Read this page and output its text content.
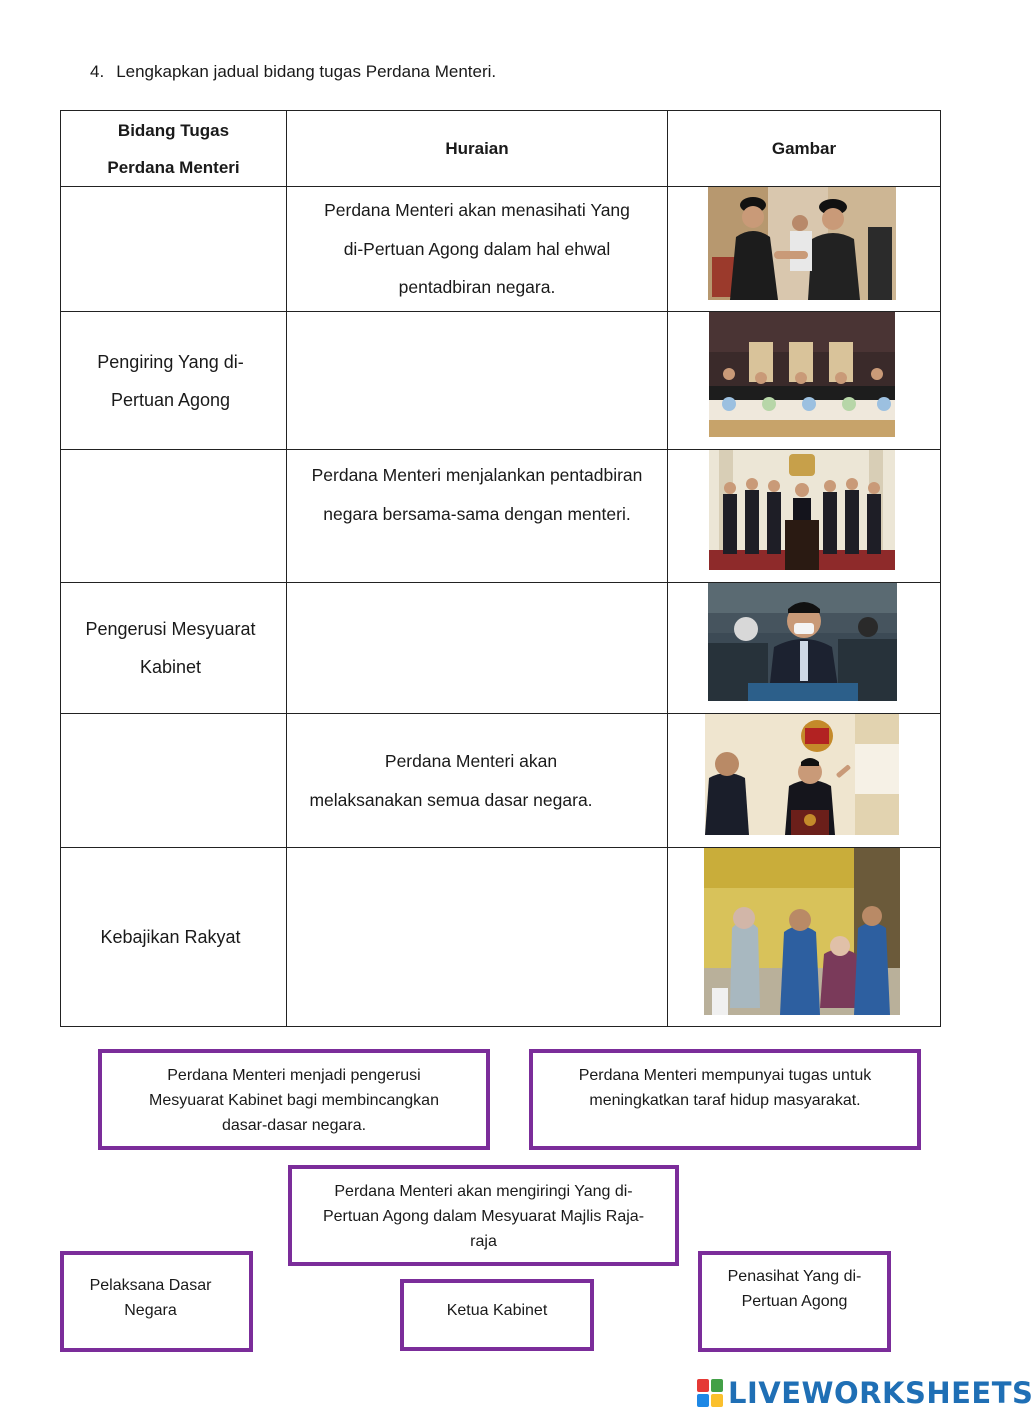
4. Lengkapkan jadual bidang tugas Perdana Menteri.
Bidang Tugas
Perdana Menteri	Huraian	Gambar

	Perdana Menteri akan menasihati Yang
di-Pertuan Agong dalam hal ehwal
pentadbiran negara.

Pengiring Yang di-
Pertuan Agong

	Perdana Menteri menjalankan pentadbiran
negara bersama-sama dengan menteri.

Pengerusi Mesyuarat
Kabinet

	Perdana Menteri akan
melaksanakan semua dasar negara.

Kebajikan Rakyat

Perdana Menteri menjadi pengerusi
Mesyuarat Kabinet bagi membincangkan
dasar-dasar negara.
Perdana Menteri mempunyai tugas untuk
meningkatkan taraf hidup masyarakat.
Perdana Menteri akan mengiringi Yang di-
Pertuan Agong dalam Mesyuarat Majlis Raja-
raja
Pelaksana Dasar
Negara	Ketua Kabinet
Penasihat Yang di-
Pertuan Agong
LIVEWORKSHEETS
